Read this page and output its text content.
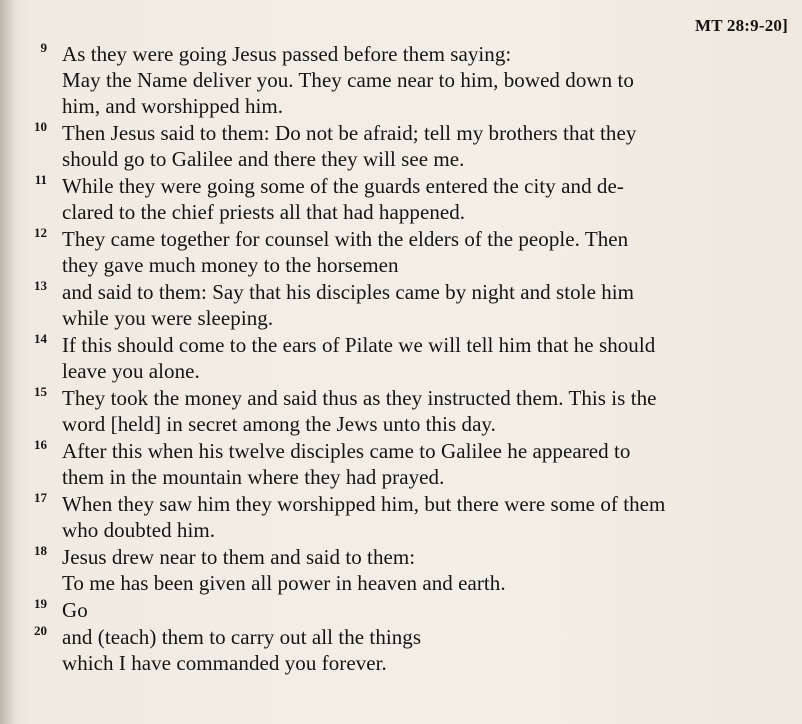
MT 28:9-20]
9 As they were going Jesus passed before them saying:
May the Name deliver you. They came near to him, bowed down to
him, and worshipped him.
10 Then Jesus said to them: Do not be afraid; tell my brothers that they
should go to Galilee and there they will see me.
11 While they were going some of the guards entered the city and de-
clared to the chief priests all that had happened.
12 They came together for counsel with the elders of the people. Then
they gave much money to the horsemen
13 and said to them: Say that his disciples came by night and stole him
while you were sleeping.
14 If this should come to the ears of Pilate we will tell him that he should
leave you alone.
15 They took the money and said thus as they instructed them. This is the
word [held] in secret among the Jews unto this day.
16 After this when his twelve disciples came to Galilee he appeared to
them in the mountain where they had prayed.
17 When they saw him they worshipped him, but there were some of them
who doubted him.
18 Jesus drew near to them and said to them:
To me has been given all power in heaven and earth.
19 Go
20 and (teach) them to carry out all the things
which I have commanded you forever.
